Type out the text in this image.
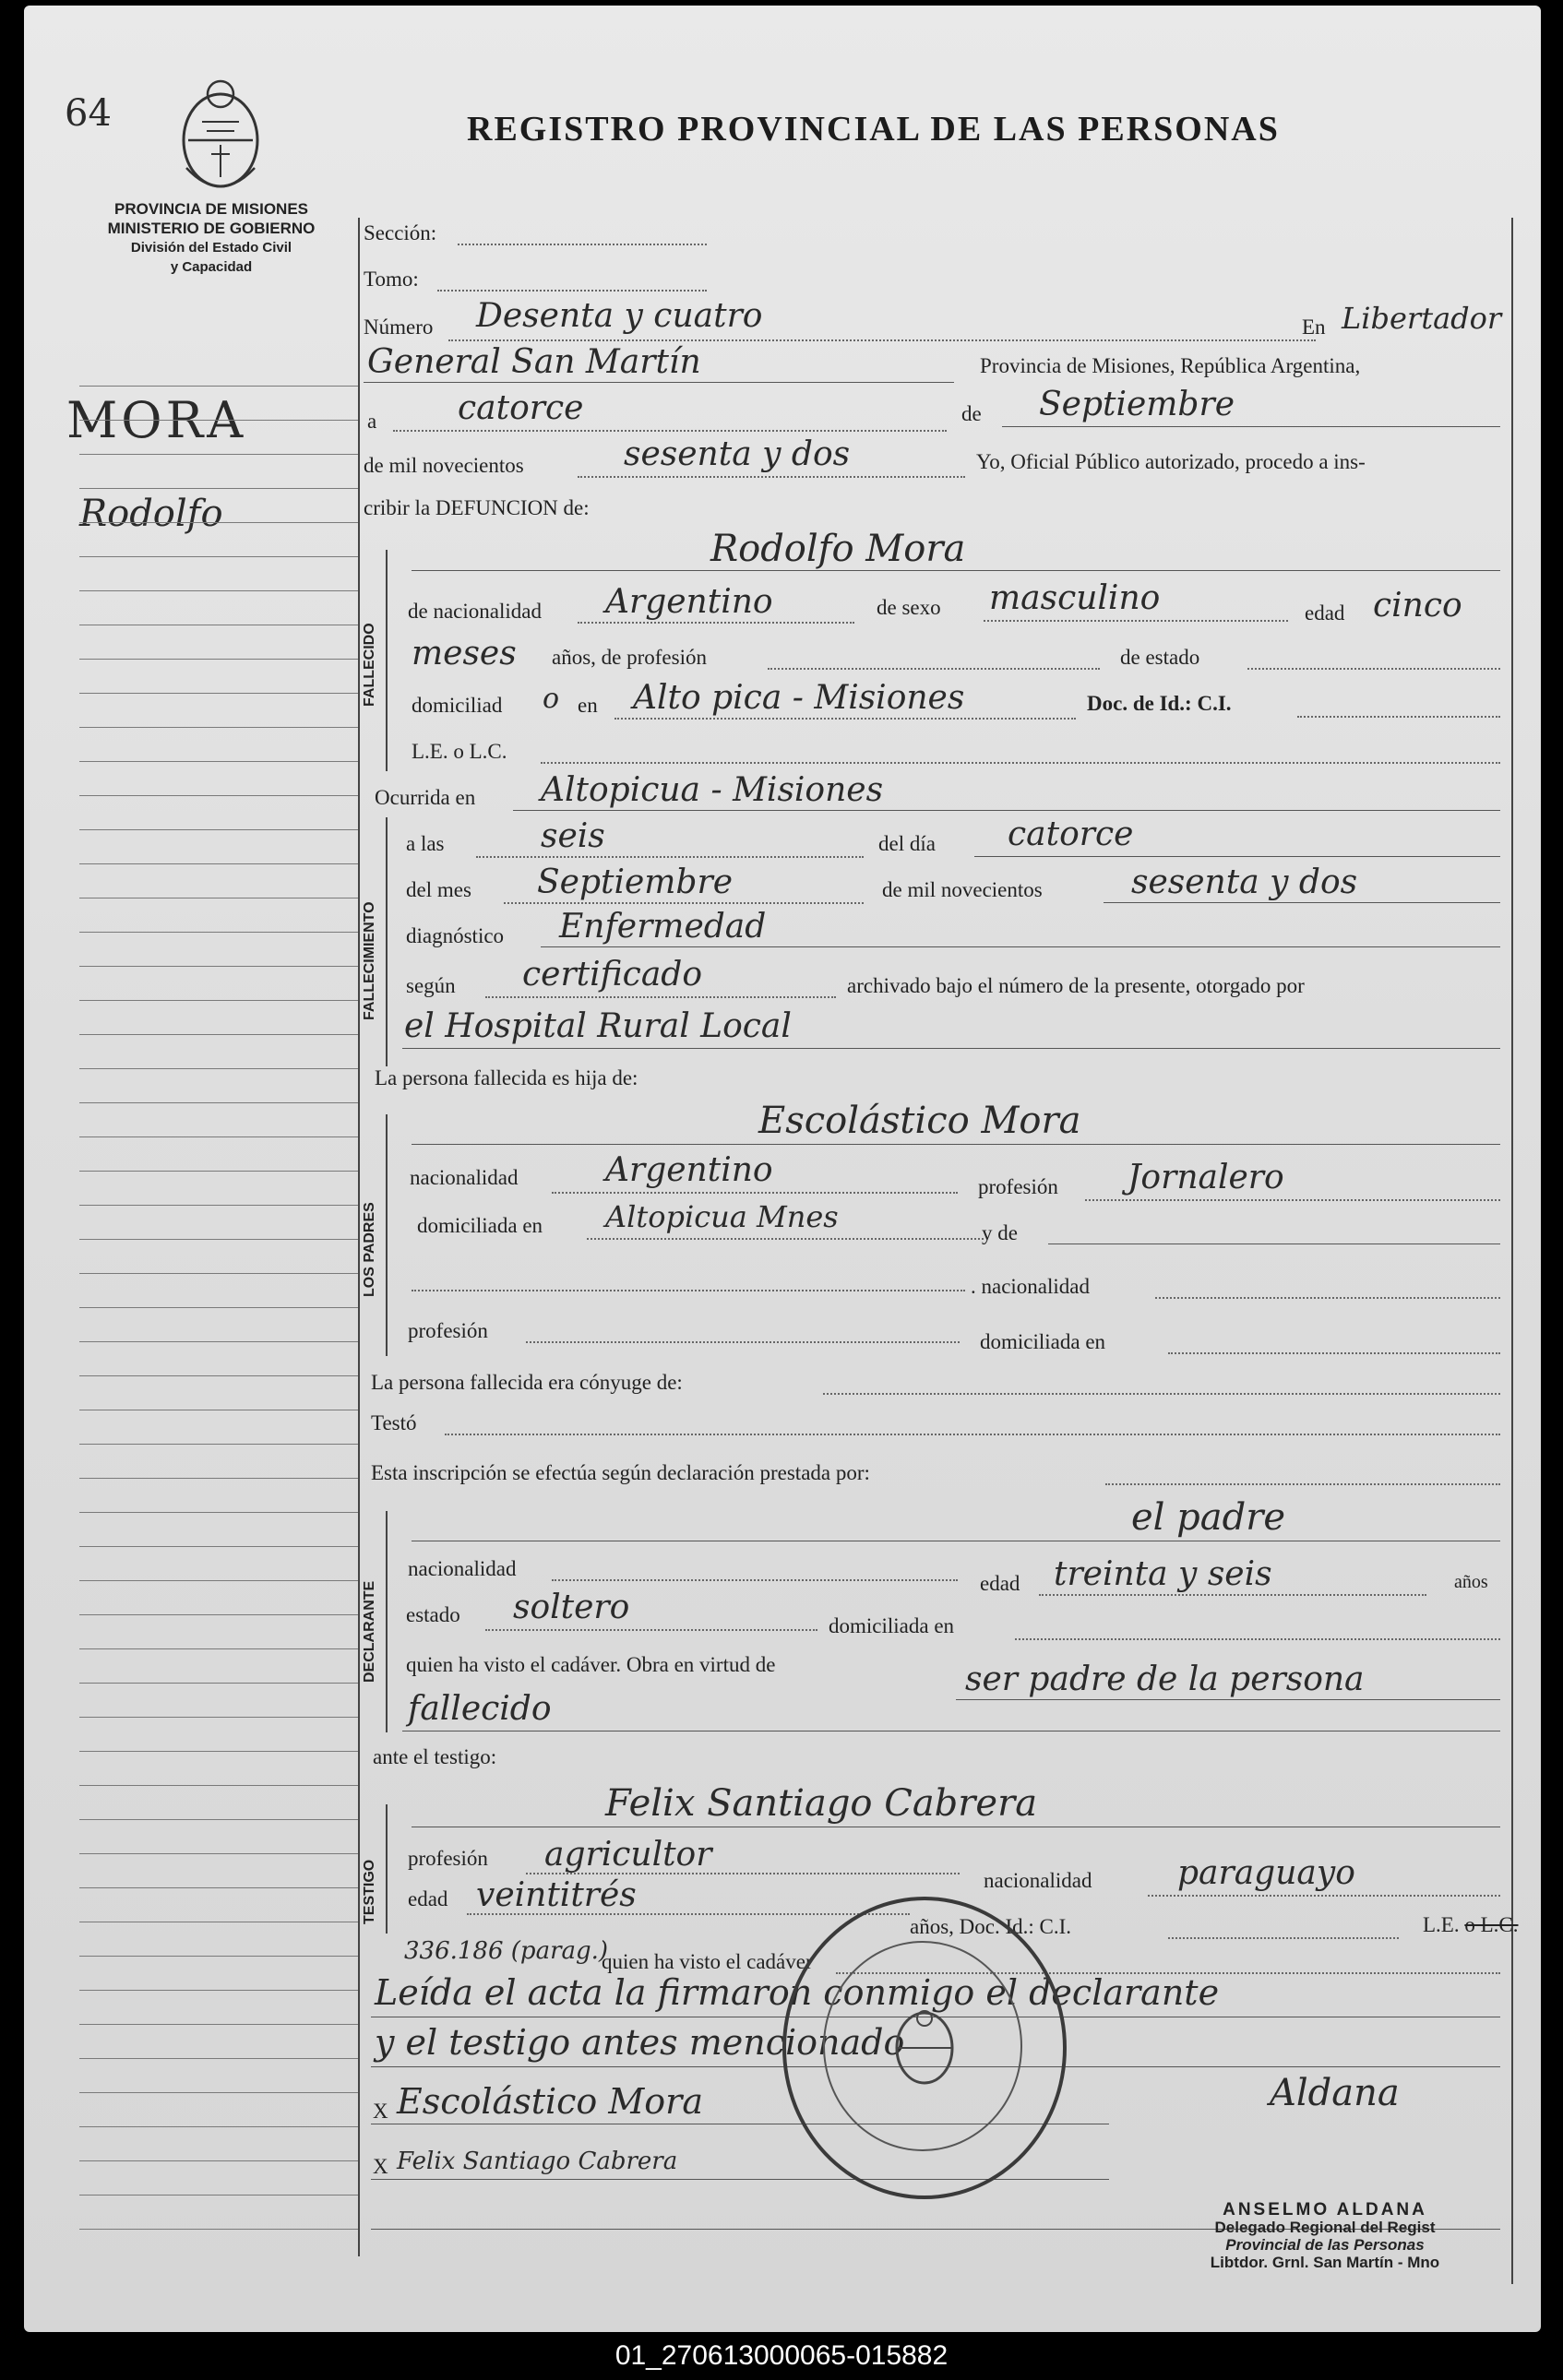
64	REGISTRO PROVINCIAL DE LAS PERSONAS
PROVINCIA DE MISIONES
MINISTERIO DE GOBIERNO
División del Estado Civil
y Capacidad
MORA
Rodolfo
FALLECIDO
FALLECIMIENTO
LOS PADRES
DECLARANTE
TESTIGO
Sección:
Tomo:
Número Desenta y cuatro	En Libertador
General San Martín	Provincia de Misiones, República Argentina,
a catorce	de Septiembre
de mil novecientos	sesenta y dos	Yo, Oficial Público autorizado, procedo a ins-
cribir la DEFUNCION de:
Rodolfo Mora
de nacionalidad Argentino	de sexo masculino	edad cinco
meses años, de profesión	de estado
domiciliad o en Alto pica - Misiones	Doc. de Id.: C.I.
L.E. o L.C.
Ocurrida en Altopicua - Misiones
a las	seis	del día catorce
del mes Septiembre	de mil novecientos	sesenta y dos
diagnóstico Enfermedad
según certificado	archivado bajo el número de la presente, otorgado por
el Hospital Rural Local
La persona fallecida es hija de:
Escolástico Mora
nacionalidad	Argentino	profesión Jornalero
domiciliada en Altopicua Mnes	y de
. nacionalidad
profesión	domiciliada en
La persona fallecida era cónyuge de:
Testó
Esta inscripción se efectúa según declaración prestada por:
el padre
nacionalidad
edad treinta y seis	años
estado soltero	domiciliada en
quien ha visto el cadáver. Obra en virtud de	ser padre de la persona
fallecido
ante el testigo:
Felix Santiago Cabrera
profesión agricultor
nacionalidad	paraguayo
edad veintitrés
años, Doc. Id.: C.I.	L.E. o L.C.
336.186 (parag.)
quien ha visto el cadáver
Leída el acta la firmaron conmigo el declarante
y el testigo antes mencionado
X Escolástico Mora
X Felix Santiago Cabrera
Aldana
ANSELMO ALDANA
Delegado Regional del Regist
Provincial de las Personas
Libtdor. Grnl. San Martín - Mno
01_270613000065-015882
